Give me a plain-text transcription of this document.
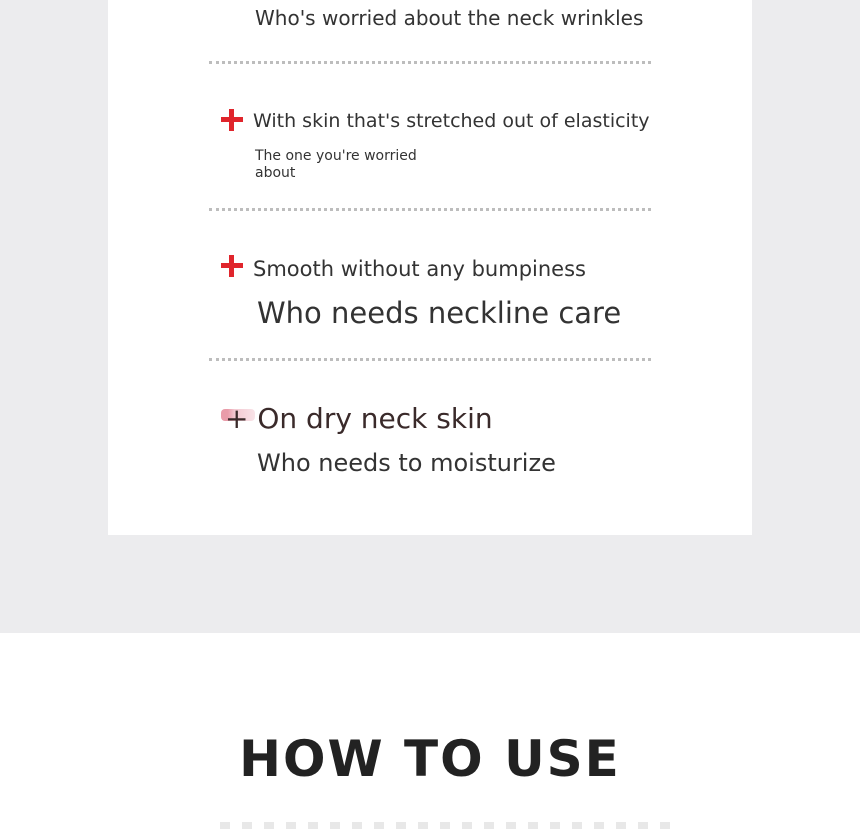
Who's worried about the neck wrinkles
With skin that's stretched out of elasticity
The one you're worried about
Smooth without any bumpiness
Who needs neckline care
+ On dry neck skin
Who needs to moisturize
HOW TO USE
